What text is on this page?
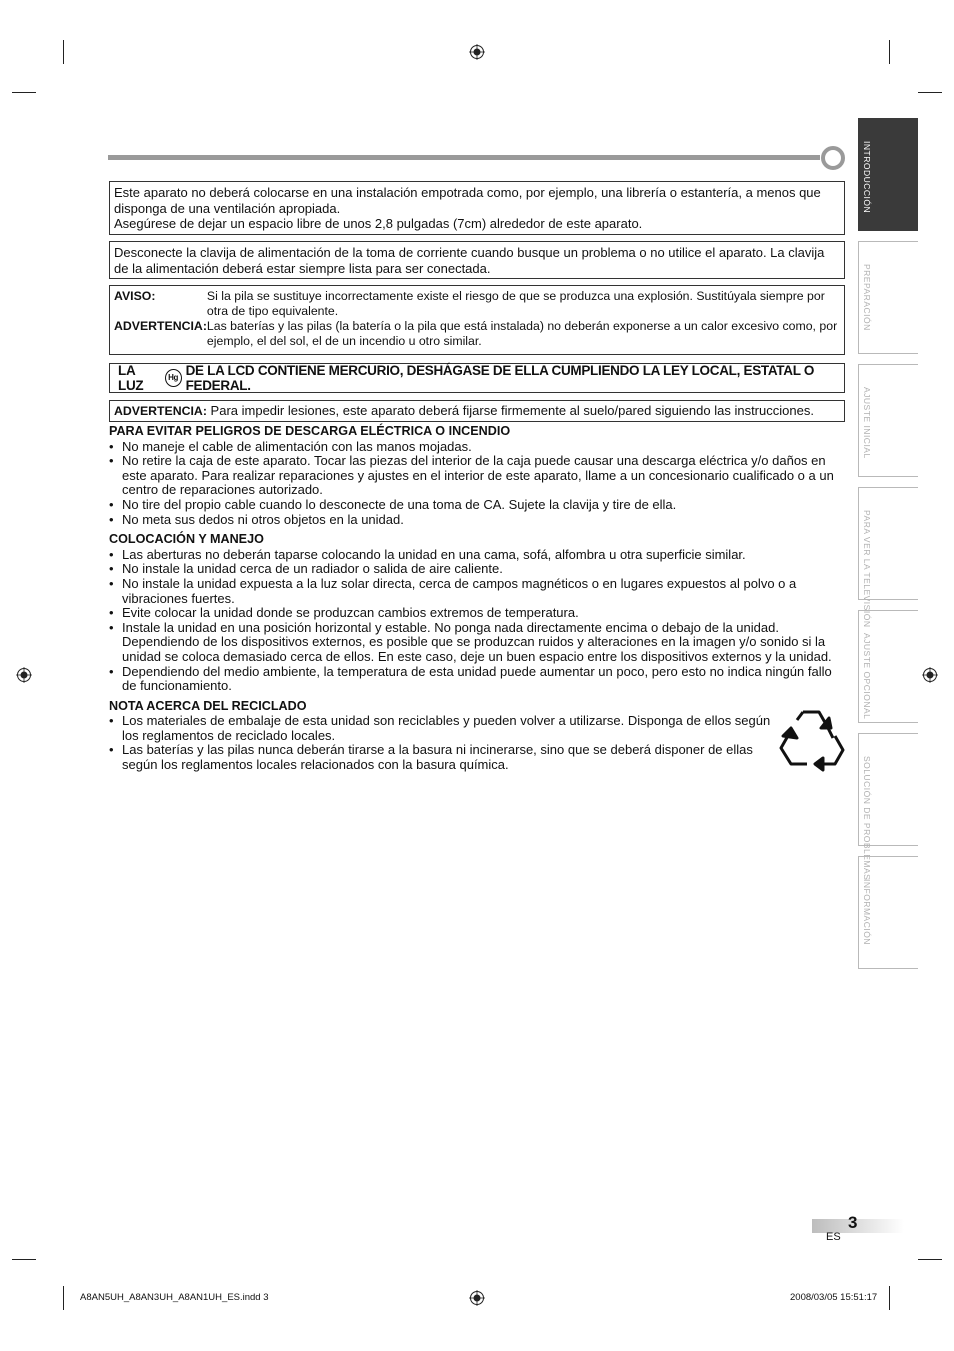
INTRODUCCIÓN
PREPARACIÓN
AJUSTE INICIAL
PARA VER LA TELEVISIÓN
AJUSTE OPCIONAL
SOLUCIÓN DE PROBLEMAS
INFORMACIÓN
Este aparato no deberá colocarse en una instalación empotrada como, por ejemplo, una librería o estantería, a menos que disponga de una ventilación apropiada.
Asegúrese de dejar un espacio libre de unos 2,8 pulgadas (7cm) alrededor de este aparato.
Desconecte la clavija de alimentación de la toma de corriente cuando busque un problema o no utilice el aparato. La clavija de la alimentación deberá estar siempre lista para ser conectada.
AVISO:	Si la pila se sustituye incorrectamente existe el riesgo de que se produzca una explosión. Sustitúyala siempre por otra de tipo equivalente.
ADVERTENCIA:	Las baterías y las pilas (la batería o la pila que está instalada) no deberán exponerse a un calor excesivo como, por ejemplo, el del sol, el de un incendio u otro similar.
LA LUZ
Hg
DE LA LCD CONTIENE MERCURIO, DESHÁGASE DE ELLA CUMPLIENDO LA LEY LOCAL, ESTATAL O FEDERAL.
ADVERTENCIA: Para impedir lesiones, este aparato deberá fijarse firmemente al suelo/pared siguiendo las instrucciones.
PARA EVITAR PELIGROS DE DESCARGA ELÉCTRICA O INCENDIO
• No maneje el cable de alimentación con las manos mojadas.
• No retire la caja de este aparato. Tocar las piezas del interior de la caja puede causar una descarga eléctrica y/o daños en este aparato. Para realizar reparaciones y ajustes en el interior de este aparato, llame a un concesionario cualificado o a un centro de reparaciones autorizado.
• No tire del propio cable cuando lo desconecte de una toma de CA. Sujete la clavija y tire de ella.
• No meta sus dedos ni otros objetos en la unidad.
COLOCACIÓN Y MANEJO
• Las aberturas no deberán taparse colocando la unidad en una cama, sofá, alfombra u otra superficie similar.
• No instale la unidad cerca de un radiador o salida de aire caliente.
• No instale la unidad expuesta a la luz solar directa, cerca de campos magnéticos o en lugares expuestos al polvo o a vibraciones fuertes.
• Evite colocar la unidad donde se produzcan cambios extremos de temperatura.
• Instale la unidad en una posición horizontal y estable. No ponga nada directamente encima o debajo de la unidad. Dependiendo de los dispositivos externos, es posible que se produzcan ruidos y alteraciones en la imagen y/o sonido si la unidad se coloca demasiado cerca de ellos. En este caso, deje un buen espacio entre los dispositivos externos y la unidad.
• Dependiendo del medio ambiente, la temperatura de esta unidad puede aumentar un poco, pero esto no indica ningún fallo de funcionamiento.
NOTA ACERCA DEL RECICLADO
• Los materiales de embalaje de esta unidad son reciclables y pueden volver a utilizarse. Disponga de ellos según los reglamentos de reciclado locales.
• Las baterías y las pilas nunca deberán tirarse a la basura ni incinerarse, sino que se deberá disponer de ellas según los reglamentos locales relacionados con la basura química.
3
ES
A8AN5UH_A8AN3UH_A8AN1UH_ES.indd 3	2008/03/05 15:51:17
